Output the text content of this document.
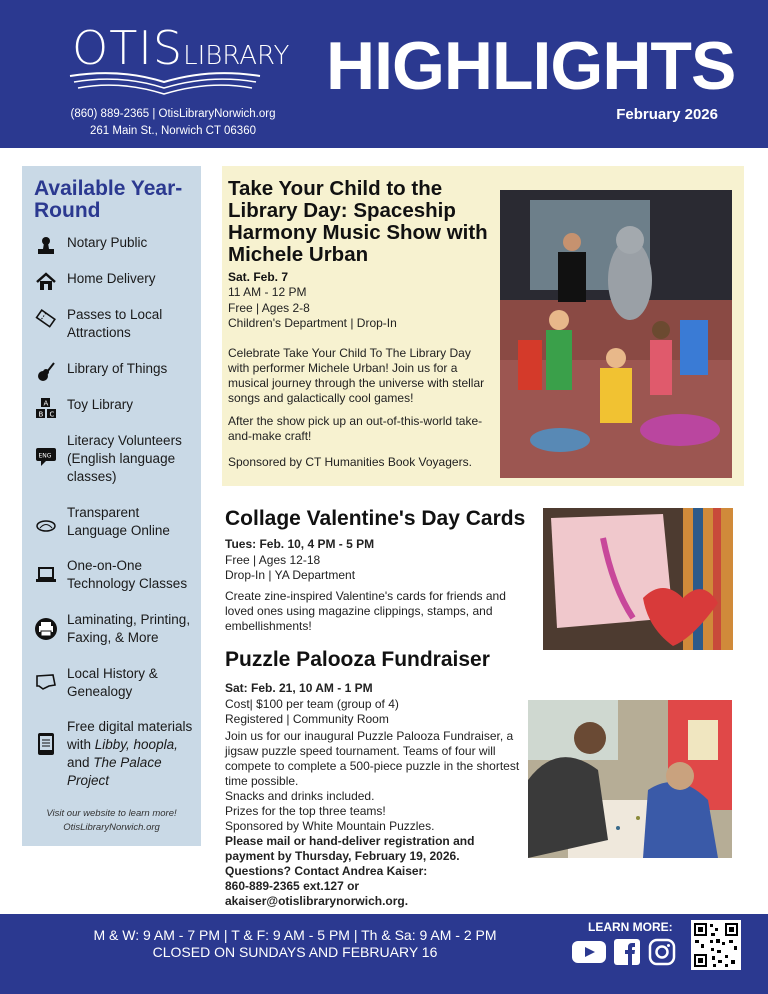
OTISLIBRARY
(860) 889-2365 | OtisLibraryNorwich.org
261 Main St., Norwich CT 06360
HIGHLIGHTS
February 2026
Available Year-Round
Notary Public
Home Delivery
Passes to Local Attractions
Library of Things
B C
A Toy Library
ENG
Literacy Volunteers (English language classes)
Transparent Language Online
One-on-One Technology Classes
Laminating, Printing, Faxing, & More
Local History & Genealogy
Free digital materials with Libby, hoopla, and The Palace Project
Visit our website to learn more!
OtisLibraryNorwich.org
Take Your Child to the Library Day: Spaceship Harmony Music Show with Michele Urban
Sat. Feb. 7
11 AM - 12 PM
Free | Ages 2-8
Children's Department | Drop-In
Celebrate Take Your Child To The Library Day with performer Michele Urban! Join us for a musical journey through the universe with stellar songs and galactically cool games!
After the show pick up an out-of-this-world take-and-make craft!
Sponsored by CT Humanities Book Voyagers.
Collage Valentine's Day Cards
Tues: Feb. 10, 4 PM - 5 PM
Free | Ages 12-18
Drop-In | YA Department
Create zine-inspired Valentine's cards for friends and loved ones using magazine clippings, stamps, and embellishments!
Puzzle Palooza Fundraiser
Sat: Feb. 21, 10 AM - 1 PM
Cost| $100 per team (group of 4)
Registered | Community Room
Join us for our inaugural Puzzle Palooza Fundraiser, a jigsaw puzzle speed tournament. Teams of four will compete to complete a 500-piece puzzle in the shortest time possible.
Snacks and drinks included.
Prizes for the top three teams!
Sponsored by White Mountain Puzzles.
Please mail or hand-deliver registration and payment by Thursday, February 19, 2026.
Questions? Contact Andrea Kaiser:
860-889-2365 ext.127 or
akaiser@otislibrarynorwich.org.
M & W: 9 AM - 7 PM | T & F: 9 AM - 5 PM | Th & Sa: 9 AM - 2 PM
CLOSED ON SUNDAYS AND FEBRUARY 16
LEARN MORE:
